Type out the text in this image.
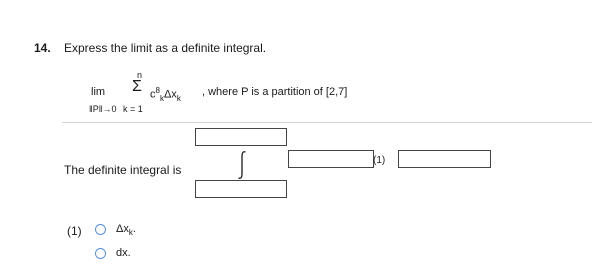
14. Express the limit as a definite integral.
lim
n
Σ $c^8_k\Delta x_k$
, where P is a partition of [2,7]
‖P‖→0 k = 1
The definite integral is
(1)
(1)	$\Delta x_k$.
dx.
